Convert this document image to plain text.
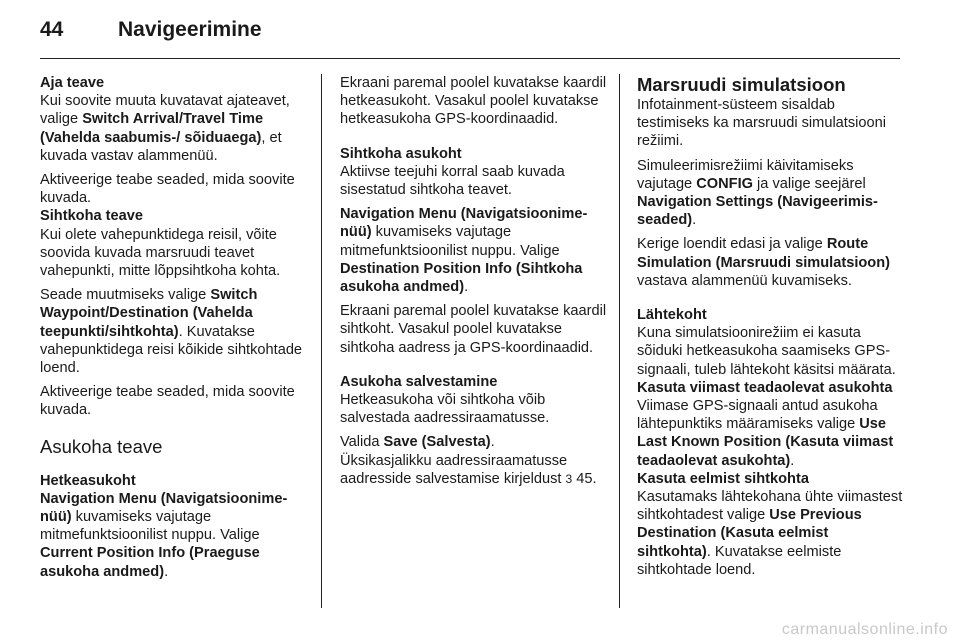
44	Navigeerimine
Aja teave

Kui soovite muuta kuvatavat ajateavet, valige Switch Arrival/Travel Time (Vahelda saabumis-/ sõiduaega), et kuvada vastav alammenüü.

Aktiveerige teabe seaded, mida soovite kuvada.

Sihtkoha teave

Kui olete vahepunktidega reisil, võite soovida kuvada marsruudi teavet vahepunkti, mitte lõppsihtkoha kohta.

Seade muutmiseks valige Switch Waypoint/Destination (Vahelda teepunkti/sihtkohta). Kuvatakse vahepunktidega reisi kõikide sihtkohtade loend.

Aktiveerige teabe seaded, mida soovite kuvada.

Asukoha teave
Hetkeasukoht

Navigation Menu (Navigatsioonimenüü) kuvamiseks vajutage mitmefunktsioonilist nuppu. Valige Current Position Info (Praeguse asukoha andmed).

Ekraani paremal poolel kuvatakse kaardil hetkeasukoht. Vasakul poolel kuvatakse hetkeasukoha GPS-koordinaadid.

Sihtkoha asukoht

Aktiivse teejuhi korral saab kuvada sisestatud sihtkoha teavet.

Navigation Menu (Navigatsioonimenüü) kuvamiseks vajutage mitmefunktsioonilist nuppu. Valige Destination Position Info (Sihtkoha asukoha andmed).

Ekraani paremal poolel kuvatakse kaardil sihtkoht. Vasakul poolel kuvatakse sihtkoha aadress ja GPS-koordinaadid.

Asukoha salvestamine

Hetkeasukoha või sihtkoha võib salvestada aadressiraamatusse.

Valida Save (Salvesta).

Üksikasjalikku aadressiraamatusse aadresside salvestamise kirjeldust 3 45.

Marsruudi simulatsioon

Infotainment-süsteem sisaldab testimiseks ka marsruudi simulatsiooni režiimi.

Simuleerimisrežiimi käivitamiseks vajutage CONFIG ja valige seejärel Navigation Settings (Navigeerimisseaded).

Kerige loendit edasi ja valige Route Simulation (Marsruudi simulatsioon) vastava alammenüü kuvamiseks.

Lähtekoht

Kuna simulatsioonirežiim ei kasuta sõiduki hetkeasukoha saamiseks GPS-signaali, tuleb lähtekoht käsitsi määrata.

Kasuta viimast teadaolevat asukohta

Viimase GPS-signaali antud asukoha lähtepunktiks määramiseks valige Use Last Known Position (Kasuta viimast teadaolevat asukohta).

Kasuta eelmist sihtkohta

Kasutamaks lähtekohana ühte viimastest sihtkohtadest valige Use Previous Destination (Kasuta eelmist sihtkohta). Kuvatakse eelmiste sihtkohtade loend.

carmanualsonline.info
